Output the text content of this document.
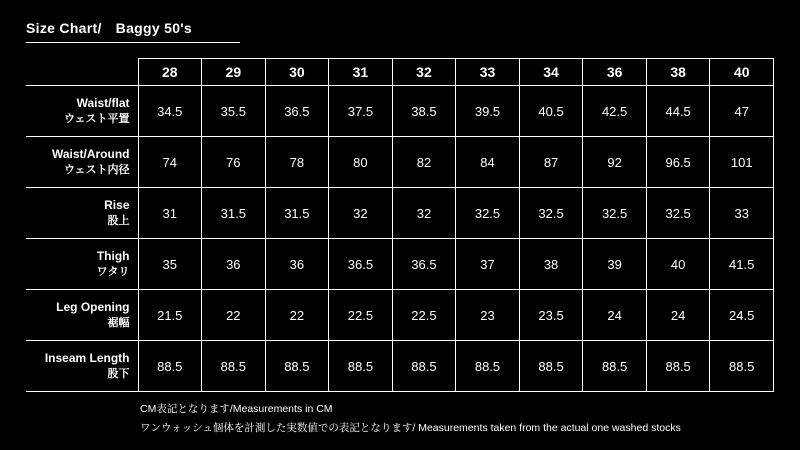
Size Chart/ Baggy 50's
	28	29	30	31	32	33	34	36	38	40

Waist/flat
ウェスト平置	34.5	35.5	36.5	37.5	38.5	39.5	40.5	42.5	44.5	47

Waist/Around
ウェスト内径	74	76	78	80	82	84	87	92	96.5	101

Rise
股上	31	31.5	31.5	32	32	32.5	32.5	32.5	32.5	33

Thigh
ワタリ	35	36	36	36.5	36.5	37	38	39	40	41.5

Leg Opening
裾幅	21.5	22	22	22.5	22.5	23	23.5	24	24	24.5

Inseam Length
股下	88.5	88.5	88.5	88.5	88.5	88.5	88.5	88.5	88.5	88.5
CM表記となります/Measurements in CM
ワンウォッシュ個体を計測した実数値での表記となります/ Measurements taken from the actual one washed stocks
